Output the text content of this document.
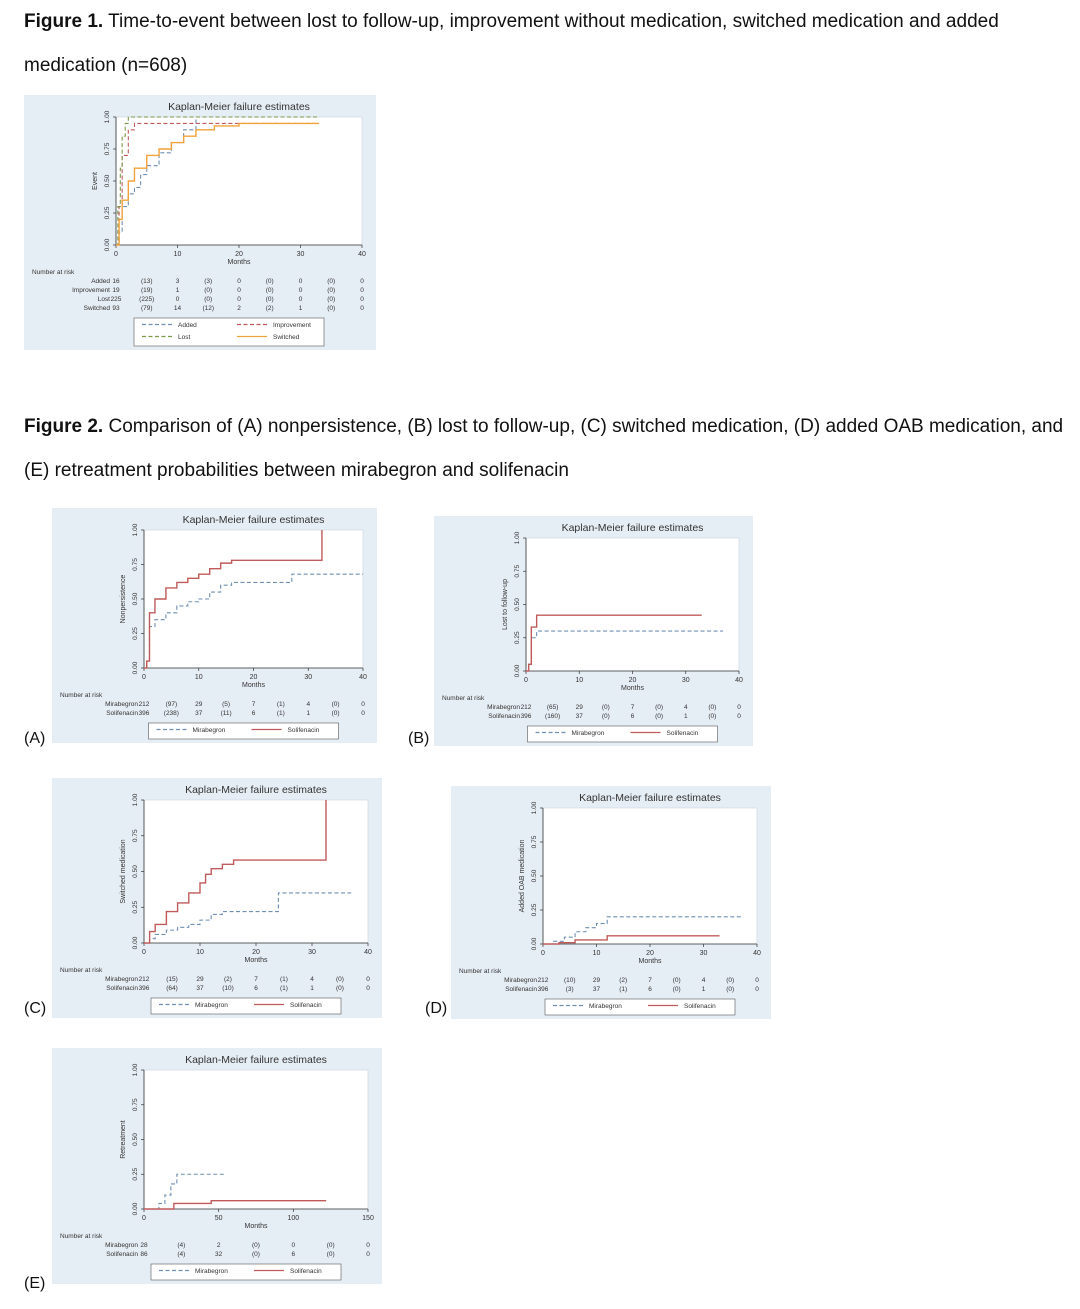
Figure 1. Time-to-event between lost to follow-up, improvement without medication, switched medication and added medication (n=608)
Kaplan-Meier failure estimates
0.00
0.25
0.50
0.75
1.00
Event
0	10	20	30	40
Months
Number at risk
Added 16	(13)	3	(3)	0	(0)	0	(0)	0
Improvement 19	(19)	1	(0)	0	(0)	0	(0)	0
Lost 225	(225)	0	(0)	0	(0)	0	(0)	0
Switched 93	(79)	14	(12)	2	(2)	1	(0)	0
Added	Improvement
Lost	Switched
Figure 2. Comparison of (A) nonpersistence, (B) lost to follow-up, (C) switched medication, (D) added OAB medication, and (E) retreatment probabilities between mirabegron and solifenacin
Kaplan-Meier failure estimates
0.00
0.25
0.50
0.75
1.00
Nonpersistence
0	10	20	30	40
Months
Number at risk
Mirabegron 212 (97)	29	(5)	7	(1)	4	(0)	0
Solifenacin 396 (238) 37	(11)	6	(1)	1	(0)	0
Mirabegron	Solifenacin
(A)
Kaplan-Meier failure estimates
0.00
0.25
0.50
0.75
1.00
Lost to follow-up
0	10	20	30	40
Months
Number at risk
Mirabegron 212 (65)	29	(0)	7	(0)	4	(0)	0
Solifenacin 396 (160) 37	(0)	6	(0)	1	(0)	0
Mirabegron	Solifenacin
(B)
Kaplan-Meier failure estimates
0.00
0.25
0.50
0.75
1.00
Switched medication
0	10	20	30	40
Months
Number at risk
Mirabegron 212	(15)	29	(2)	7	(1)	4	(0)	0
Solifenacin 396	(64)	37	(10)	6	(1)	1	(0)	0
Mirabegron	Solifenacin
(C)
Kaplan-Meier failure estimates
0.00
0.25
0.50
0.75
1.00
Added OAB medication
0	10	20	30	40
Months
Number at risk
Mirabegron 212 (10)	29	(2)	7	(0)	4	(0)	0
Solifenacin 396	(3)	37	(1)	6	(0)	1	(0)	0
Mirabegron	Solifenacin
(D)
Kaplan-Meier failure estimates
0.00
0.25
0.50
0.75
1.00
Retreatment
0	50	100	150
Months
Number at risk
Mirabegron 28	(4)	2	(0)	0	(0)	0
Solifenacin 86	(4)	32	(0)	6	(0)	0
Mirabegron	Solifenacin
(E)
